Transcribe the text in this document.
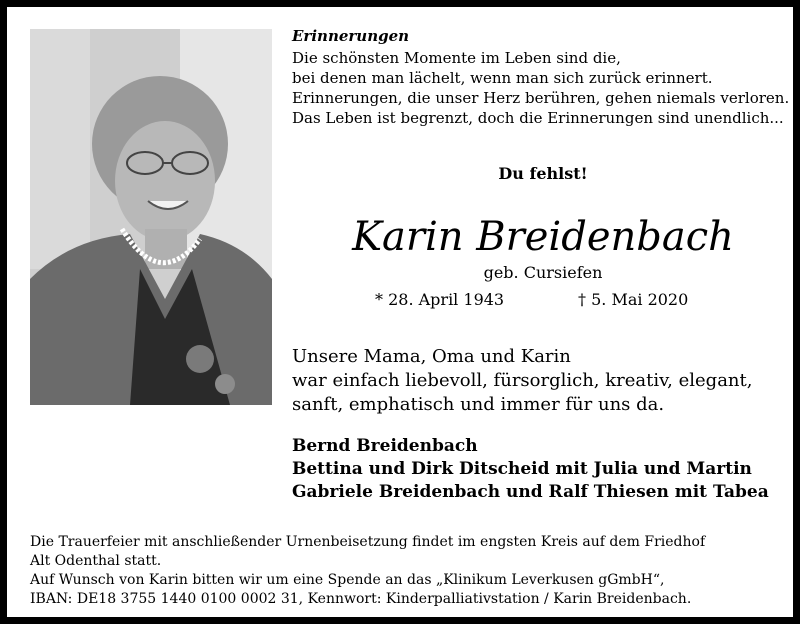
Erinnerungen
Die schönsten Momente im Leben sind die,
bei denen man lächelt, wenn man sich zurück erinnert.
Erinnerungen, die unser Herz berühren, gehen niemals verloren.
Das Leben ist begrenzt, doch die Erinnerungen sind unendlich...
Du fehlst!
Karin Breidenbach
geb. Cursiefen
* 28. April 1943	† 5. Mai 2020
Unsere Mama, Oma und Karin
war einfach liebevoll, fürsorglich, kreativ, elegant,
sanft, emphatisch und immer für uns da.
Bernd Breidenbach
Bettina und Dirk Ditscheid mit Julia und Martin
Gabriele Breidenbach und Ralf Thiesen mit Tabea
Die Trauerfeier mit anschließender Urnenbeisetzung findet im engsten Kreis auf dem Friedhof
Alt Odenthal statt.
Auf Wunsch von Karin bitten wir um eine Spende an das „Klinikum Leverkusen gGmbH“,
IBAN: DE18 3755 1440 0100 0002 31, Kennwort: Kinderpalliativstation / Karin Breidenbach.
